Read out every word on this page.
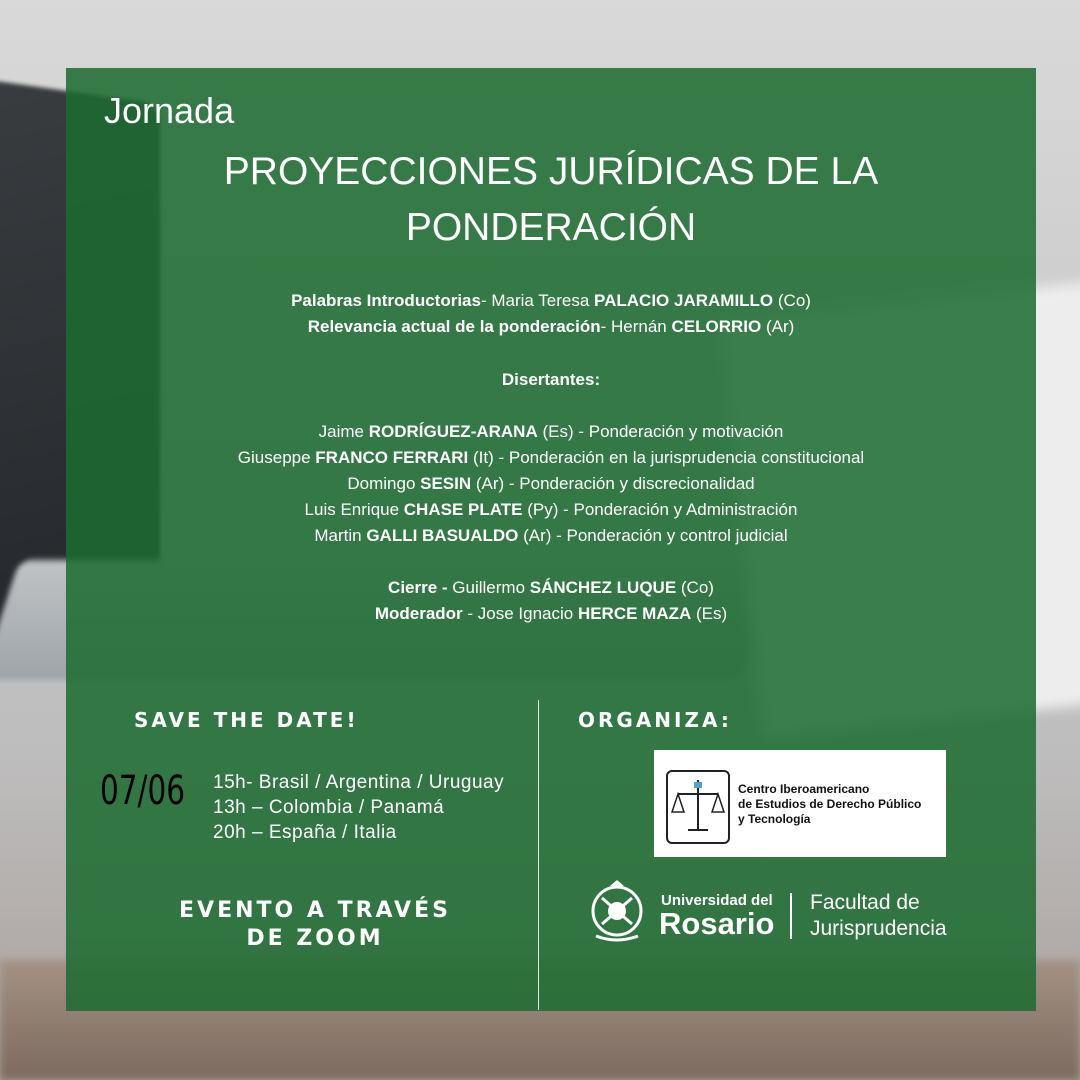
Jornada
PROYECCIONES JURÍDICAS DE LA
PONDERACIÓN
Palabras Introductorias- Maria Teresa PALACIO JARAMILLO (Co)
Relevancia actual de la ponderación- Hernán CELORRIO (Ar)
Disertantes:
Jaime RODRÍGUEZ-ARANA (Es) - Ponderación y motivación
Giuseppe FRANCO FERRARI (It) - Ponderación en la jurisprudencia constitucional
Domingo SESIN (Ar) - Ponderación y discrecionalidad
Luis Enrique CHASE PLATE (Py) - Ponderación y Administración
Martin GALLI BASUALDO (Ar) - Ponderación y control judicial
Cierre - Guillermo SÁNCHEZ LUQUE (Co)
Moderador - Jose Ignacio HERCE MAZA (Es)
SAVE THE DATE!
07/06 15h- Brasil / Argentina / Uruguay
13h – Colombia / Panamá
20h – España / Italia
EVENTO A TRAVÉS
DE ZOOM
ORGANIZA:
Centro Iberoamericano
de Estudios de Derecho Público
y Tecnología
Universidad del
Rosario
Facultad de
Jurisprudencia
